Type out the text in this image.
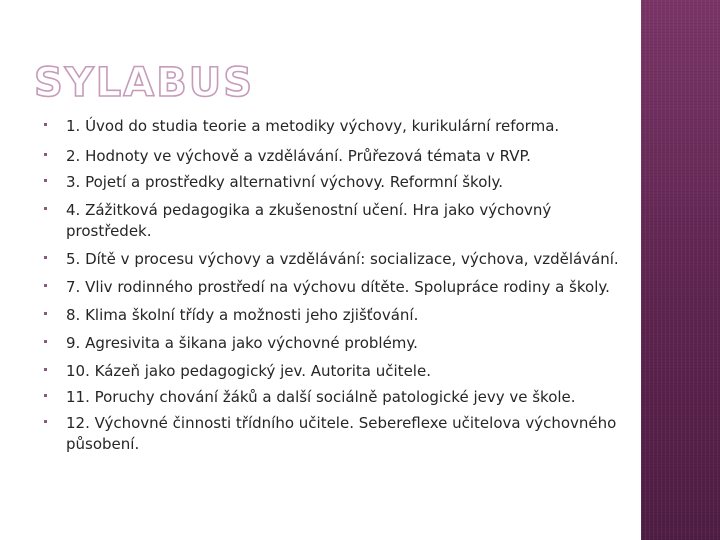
SYLABUS
1. Úvod do studia teorie a metodiky výchovy, kurikulární reforma.
2. Hodnoty ve výchově a vzdělávání. Průřezová témata v RVP.
3. Pojetí a prostředky alternativní výchovy. Reformní školy.
4. Zážitková pedagogika a zkušenostní učení. Hra jako výchovný prostředek.
5. Dítě v procesu výchovy a vzdělávání: socializace, výchova, vzdělávání.
7. Vliv rodinného prostředí na výchovu dítěte. Spolupráce rodiny a školy.
8. Klima školní třídy a možnosti jeho zjišťování.
9. Agresivita a šikana jako výchovné problémy.
10. Kázeň jako pedagogický jev. Autorita učitele.
11. Poruchy chování žáků a další sociálně patologické jevy ve škole.
12. Výchovné činnosti třídního učitele. Sebereflexe učitelova výchovného působení.
